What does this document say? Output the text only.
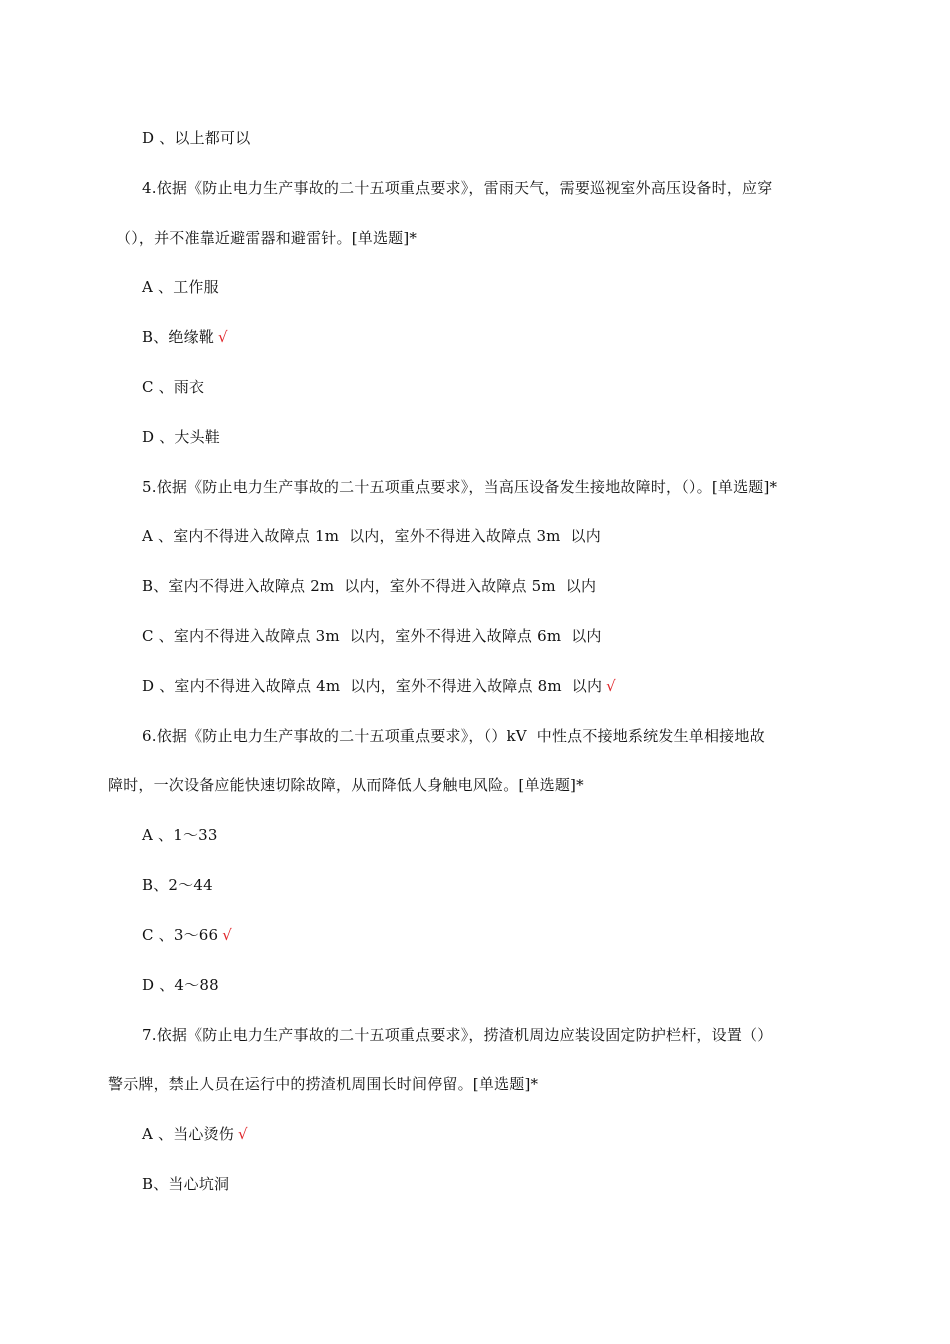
D 、以上都可以
4.依据《防止电力生产事故的二十五项重点要求》，雷雨天气，需要巡视室外高压设备时，应穿
（），并不准靠近避雷器和避雷针。[单选题]*
A 、工作服
B、绝缘靴 √
C 、雨衣
D 、大头鞋
5.依据《防止电力生产事故的二十五项重点要求》，当高压设备发生接地故障时，（）。[单选题]*
A 、室内不得进入故障点 1m  以内，室外不得进入故障点 3m  以内
B、室内不得进入故障点 2m  以内，室外不得进入故障点 5m  以内
C 、室内不得进入故障点 3m  以内，室外不得进入故障点 6m  以内
D 、室内不得进入故障点 4m  以内，室外不得进入故障点 8m  以内 √
6.依据《防止电力生产事故的二十五项重点要求》，（）kV  中性点不接地系统发生单相接地故
障时，一次设备应能快速切除故障，从而降低人身触电风险。[单选题]*
A 、1～33
B、2～44
C 、3～66 √
D 、4～88
7.依据《防止电力生产事故的二十五项重点要求》，捞渣机周边应装设固定防护栏杆，设置（）
警示牌，禁止人员在运行中的捞渣机周围长时间停留。[单选题]*
A 、当心烫伤 √
B、当心坑洞
